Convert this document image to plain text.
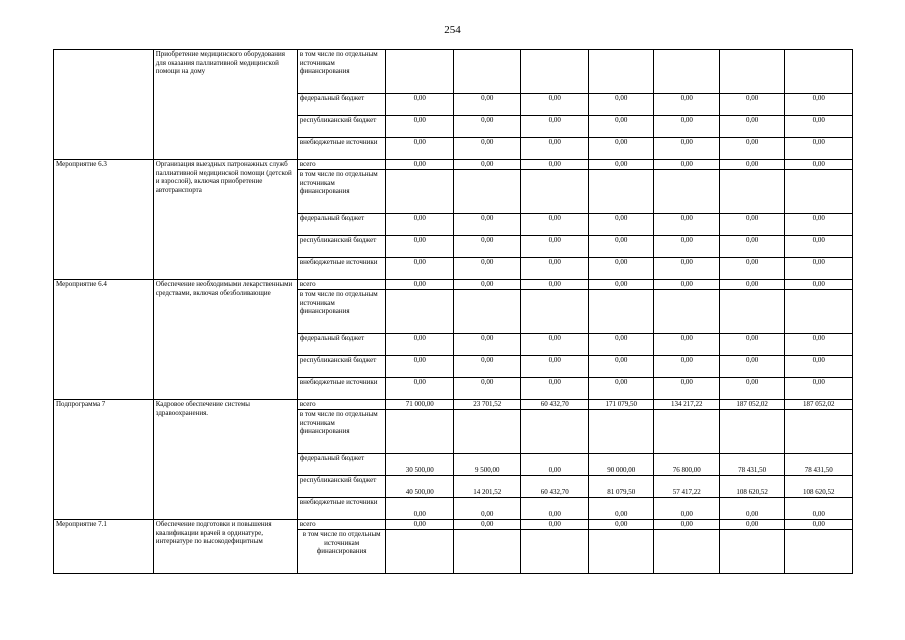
254
	Приобретение медицинского оборудования для оказания паллиативной медицинской помощи на дому	в том числе по отдельным источникам финансирования							
		федеральный бюджет	0,00	0,00	0,00	0,00	0,00	0,00	0,00
		республиканский бюджет	0,00	0,00	0,00	0,00	0,00	0,00	0,00
		внебюджетные источники	0,00	0,00	0,00	0,00	0,00	0,00	0,00
Мероприятие 6.3	Организация выездных патронажных служб паллиативной медицинской помощи (детской и взрослой), включая приобретение автотранспорта	всего	0,00	0,00	0,00	0,00	0,00	0,00	0,00
		в том числе по отдельным источникам финансирования							
		федеральный бюджет	0,00	0,00	0,00	0,00	0,00	0,00	0,00
		республиканский бюджет	0,00	0,00	0,00	0,00	0,00	0,00	0,00
		внебюджетные источники	0,00	0,00	0,00	0,00	0,00	0,00	0,00
Мероприятие 6.4	Обеспечение необходимыми лекарственными средствами, включая обезболивающие	всего	0,00	0,00	0,00	0,00	0,00	0,00	0,00
		в том числе по отдельным источникам финансирования							
		федеральный бюджет	0,00	0,00	0,00	0,00	0,00	0,00	0,00
		республиканский бюджет	0,00	0,00	0,00	0,00	0,00	0,00	0,00
		внебюджетные источники	0,00	0,00	0,00	0,00	0,00	0,00	0,00
Подпрограмма 7	Кадровое обеспечение системы здравоохранения.	всего	71 000,00	23 701,52	60 432,70	171 079,50	134 217,22	187 052,02	187 052,02
		в том числе по отдельным источникам финансирования							
		федеральный бюджет	30 500,00	9 500,00	0,00	90 000,00	76 800,00	78 431,50	78 431,50
		республиканский бюджет	40 500,00	14 201,52	60 432,70	81 079,50	57 417,22	108 620,52	108 620,52
		внебюджетные источники	0,00	0,00	0,00	0,00	0,00	0,00	0,00
Мероприятие 7.1	Обеспечение подготовки и повышения квалификации врачей в ординатуре, интернатуре по высокодефицитным	всего	0,00	0,00	0,00	0,00	0,00	0,00	0,00
		в том числе по отдельным источникам финансирования							
